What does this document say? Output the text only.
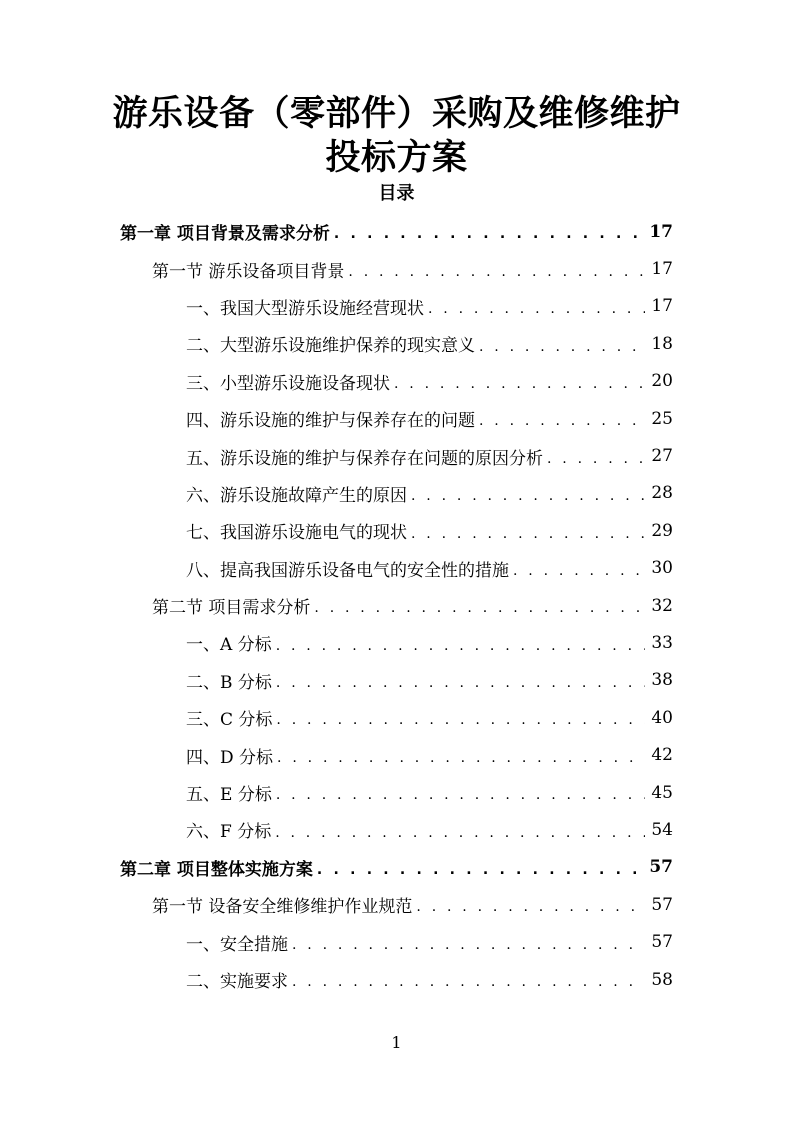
游乐设备（零部件）采购及维修维护
投标方案
目录
第一章 项目背景及需求分析 . . .	17
第一节 游乐设备项目背景 . . .	17
一、我国大型游乐设施经营现状 . . .	17
二、大型游乐设施维护保养的现实意义 . . .	18
三、小型游乐设施设备现状 . . .	20
四、游乐设施的维护与保养存在的问题 . . .	25
五、游乐设施的维护与保养存在问题的原因分析 . . .	27
六、游乐设施故障产生的原因 . . .	28
七、我国游乐设施电气的现状 . . .	29
八、提高我国游乐设备电气的安全性的措施 . . .	30
第二节 项目需求分析 . . .	32
一、A 分标 . . .	33
二、B 分标 . . .	38
三、C 分标 . . .	40
四、D 分标 . . .	42
五、E 分标 . . .	45
六、F 分标 . . .	54
第二章 项目整体实施方案 . . .	57
第一节 设备安全维修维护作业规范 . . .	57
一、安全措施 . . .	57
二、实施要求 . . .	58
1
